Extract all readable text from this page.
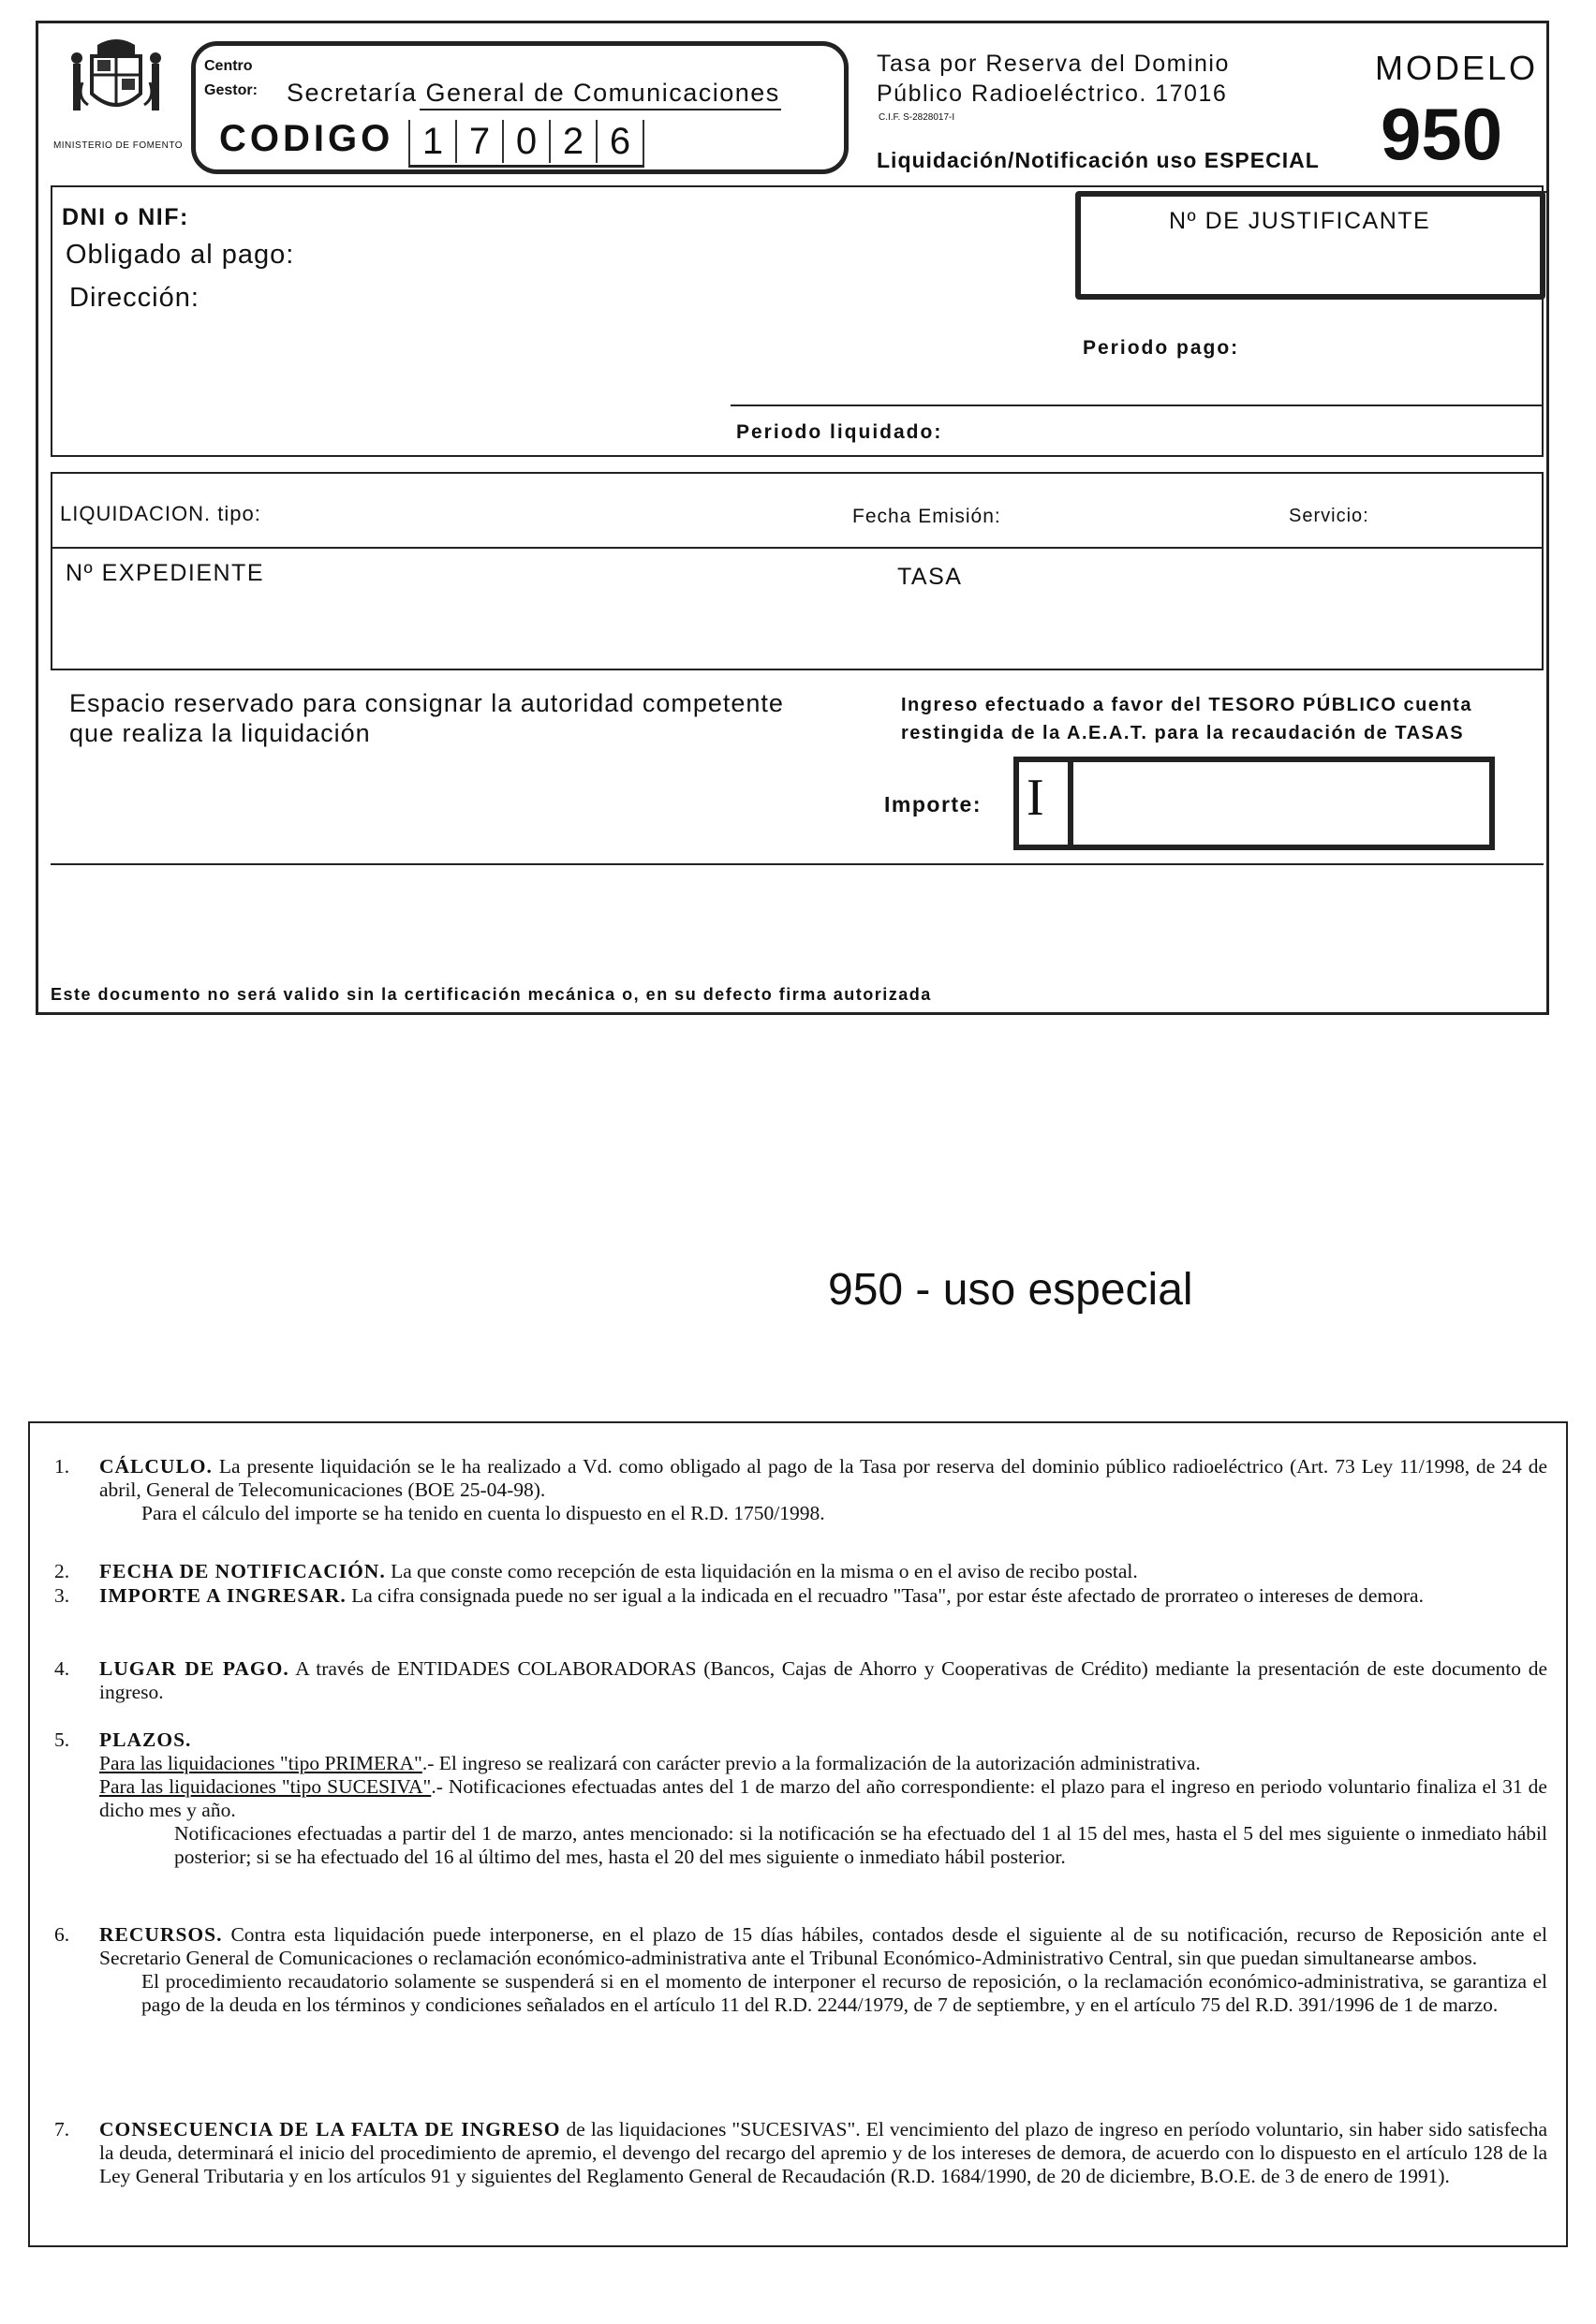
MINISTERIO DE FOMENTO
Centro
Gestor: Secretaría General de Comunicaciones
CODIGO 1 7 0 2 6
Tasa por Reserva del Dominio
Público Radioeléctrico. 17016
C.I.F. S-2828017-I
Liquidación/Notificación uso ESPECIAL
MODELO
950
DNI o NIF:
Obligado al pago:
Dirección:
Nº DE JUSTIFICANTE
Periodo pago:
Periodo liquidado:
LIQUIDACION. tipo:	Fecha Emisión:	Servicio:
Nº EXPEDIENTE	TASA
Espacio reservado para consignar la autoridad competente
que realiza la liquidación
Ingreso efectuado a favor del TESORO PÚBLICO cuenta
restingida de la A.E.A.T. para la recaudación de TASAS
Importe: I
Este documento no será valido sin la certificación mecánica o, en su defecto firma autorizada
950 - uso especial
1. CÁLCULO. La presente liquidación se le ha realizado a Vd. como obligado al pago de la Tasa por reserva del dominio público radioeléctrico (Art. 73 Ley 11/1998, de 24 de abril, General de Telecomunicaciones (BOE 25-04-98).
Para el cálculo del importe se ha tenido en cuenta lo dispuesto en el R.D. 1750/1998.
2. FECHA DE NOTIFICACIÓN. La que conste como recepción de esta liquidación en la misma o en el aviso de recibo postal.
3. IMPORTE A INGRESAR. La cifra consignada puede no ser igual a la indicada en el recuadro "Tasa", por estar éste afectado de prorrateo o intereses de demora.
4. LUGAR DE PAGO. A través de ENTIDADES COLABORADORAS (Bancos, Cajas de Ahorro y Cooperativas de Crédito) mediante la presentación de este documento de ingreso.
5. PLAZOS.
Para las liquidaciones "tipo PRIMERA".- El ingreso se realizará con carácter previo a la formalización de la autorización administrativa.
Para las liquidaciones "tipo SUCESIVA".- Notificaciones efectuadas antes del 1 de marzo del año correspondiente: el plazo para el ingreso en periodo voluntario finaliza el 31 de dicho mes y año.
Notificaciones efectuadas a partir del 1 de marzo, antes mencionado: si la notificación se ha efectuado del 1 al 15 del mes, hasta el 5 del mes siguiente o inmediato hábil posterior; si se ha efectuado del 16 al último del mes, hasta el 20 del mes siguiente o inmediato hábil posterior.
6. RECURSOS. Contra esta liquidación puede interponerse, en el plazo de 15 días hábiles, contados desde el siguiente al de su notificación, recurso de Reposición ante el Secretario General de Comunicaciones o reclamación económico-administrativa ante el Tribunal Económico-Administrativo Central, sin que puedan simultanearse ambos.
El procedimiento recaudatorio solamente se suspenderá si en el momento de interponer el recurso de reposición, o la reclamación económico-administrativa, se garantiza el pago de la deuda en los términos y condiciones señalados en el artículo 11 del R.D. 2244/1979, de 7 de septiembre, y en el artículo 75 del R.D. 391/1996 de 1 de marzo.
7. CONSECUENCIA DE LA FALTA DE INGRESO de las liquidaciones "SUCESIVAS". El vencimiento del plazo de ingreso en período voluntario, sin haber sido satisfecha la deuda, determinará el inicio del procedimiento de apremio, el devengo del recargo del apremio y de los intereses de demora, de acuerdo con lo dispuesto en el artículo 128 de la Ley General Tributaria y en los artículos 91 y siguientes del Reglamento General de Recaudación (R.D. 1684/1990, de 20 de diciembre, B.O.E. de 3 de enero de 1991).
